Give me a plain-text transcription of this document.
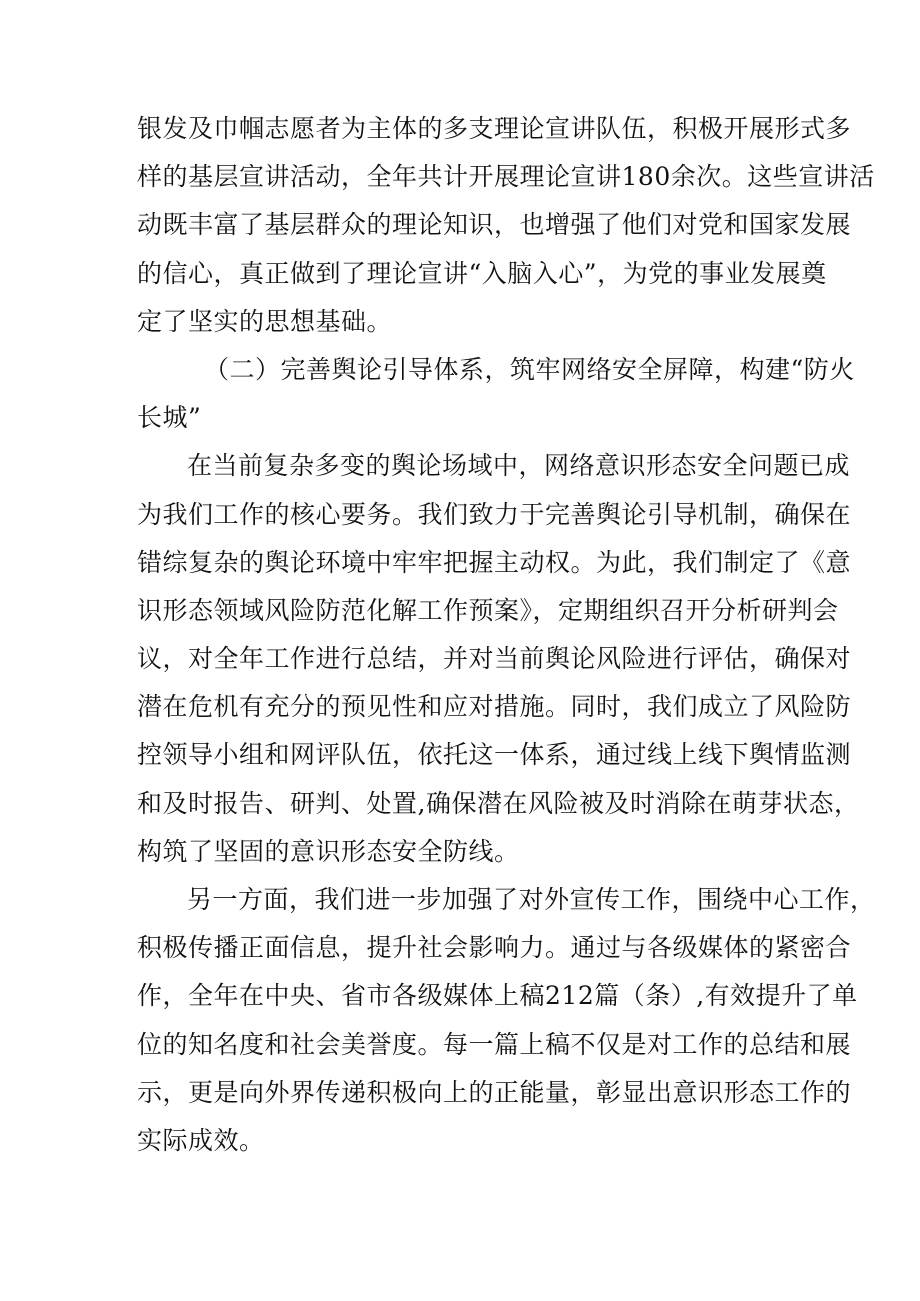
银发及巾帼志愿者为主体的多支理论宣讲队伍，积极开展形式多
样的基层宣讲活动，全年共计开展理论宣讲180余次。这些宣讲活
动既丰富了基层群众的理论知识，也增强了他们对党和国家发展
的信心，真正做到了理论宣讲“入脑入心”，为党的事业发展奠
定了坚实的思想基础。
（二）完善舆论引导体系，筑牢网络安全屏障，构建“防火
长城”
在当前复杂多变的舆论场域中，网络意识形态安全问题已成
为我们工作的核心要务。我们致力于完善舆论引导机制，确保在
错综复杂的舆论环境中牢牢把握主动权。为此，我们制定了《意
识形态领域风险防范化解工作预案》，定期组织召开分析研判会
议，对全年工作进行总结，并对当前舆论风险进行评估，确保对
潜在危机有充分的预见性和应对措施。同时，我们成立了风险防
控领导小组和网评队伍，依托这一体系，通过线上线下舆情监测
和及时报告、研判、处置,确保潜在风险被及时消除在萌芽状态，
构筑了坚固的意识形态安全防线。
另一方面，我们进一步加强了对外宣传工作，围绕中心工作，
积极传播正面信息，提升社会影响力。通过与各级媒体的紧密合
作，全年在中央、省市各级媒体上稿212篇（条）,有效提升了单
位的知名度和社会美誉度。每一篇上稿不仅是对工作的总结和展
示，更是向外界传递积极向上的正能量，彰显出意识形态工作的
实际成效。
